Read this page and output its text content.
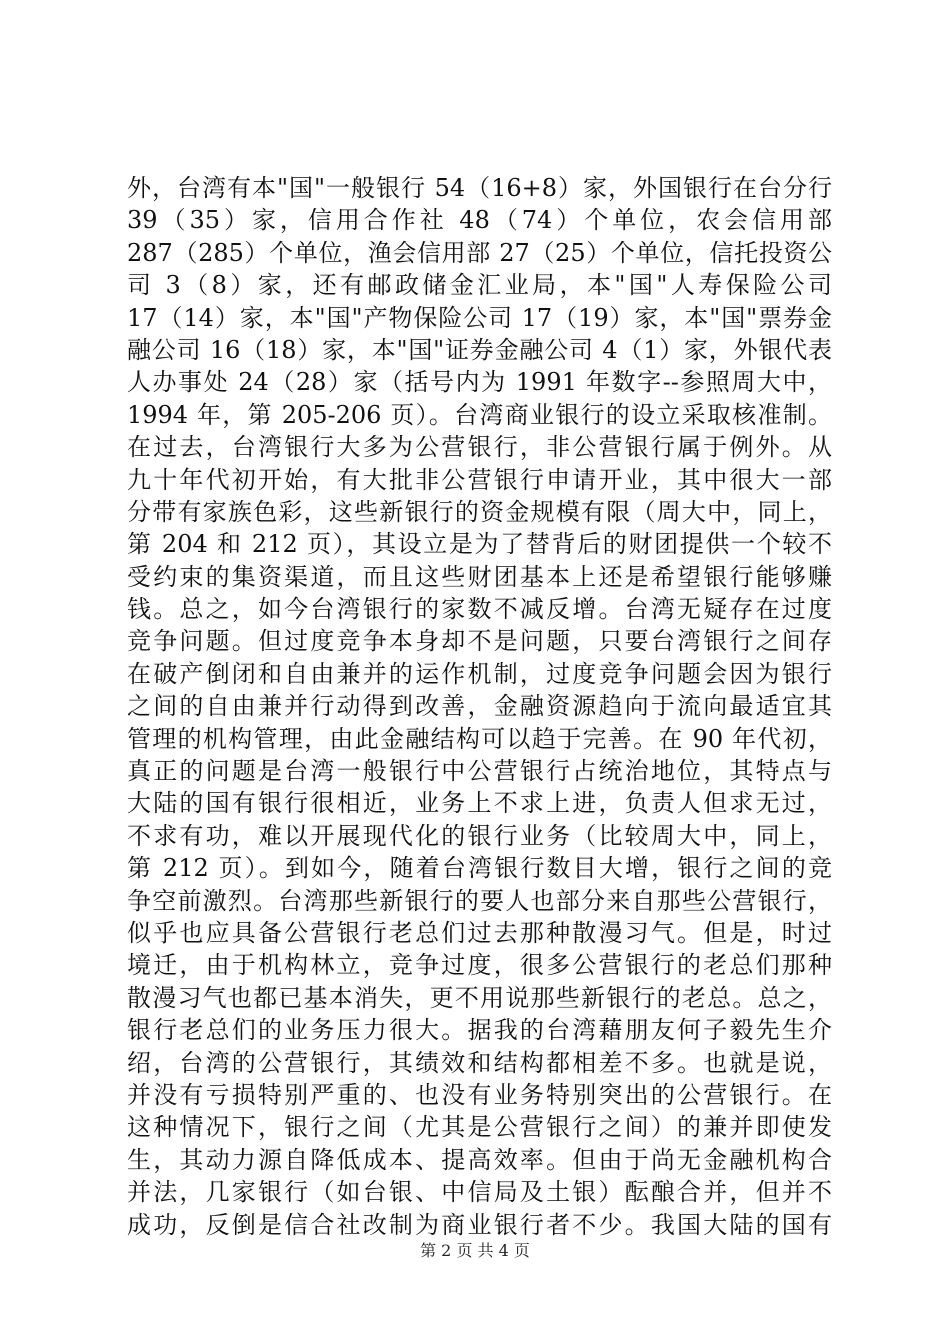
外，台湾有本"国"一般银行 54（16+8）家，外国银行在台分行
39（35）家，信用合作社 48（74）个单位，农会信用部
287（285）个单位，渔会信用部 27（25）个单位，信托投资公
司 3（8）家，还有邮政储金汇业局，本"国"人寿保险公司
17（14）家，本"国"产物保险公司 17（19）家，本"国"票券金
融公司 16（18）家，本"国"证券金融公司 4（1）家，外银代表
人办事处 24（28）家（括号内为 1991 年数字--参照周大中，
1994 年，第 205-206 页）。台湾商业银行的设立采取核准制。
在过去，台湾银行大多为公营银行，非公营银行属于例外。从
九十年代初开始，有大批非公营银行申请开业，其中很大一部
分带有家族色彩，这些新银行的资金规模有限（周大中，同上，
第 204 和 212 页），其设立是为了替背后的财团提供一个较不
受约束的集资渠道，而且这些财团基本上还是希望银行能够赚
钱。总之，如今台湾银行的家数不减反增。台湾无疑存在过度
竞争问题。但过度竞争本身却不是问题，只要台湾银行之间存
在破产倒闭和自由兼并的运作机制，过度竞争问题会因为银行
之间的自由兼并行动得到改善，金融资源趋向于流向最适宜其
管理的机构管理，由此金融结构可以趋于完善。在 90 年代初，
真正的问题是台湾一般银行中公营银行占统治地位，其特点与
大陆的国有银行很相近，业务上不求上进，负责人但求无过，
不求有功，难以开展现代化的银行业务（比较周大中，同上，
第 212 页）。到如今，随着台湾银行数目大增，银行之间的竞
争空前激烈。台湾那些新银行的要人也部分来自那些公营银行，
似乎也应具备公营银行老总们过去那种散漫习气。但是，时过
境迁，由于机构林立，竞争过度，很多公营银行的老总们那种
散漫习气也都已基本消失，更不用说那些新银行的老总。总之，
银行老总们的业务压力很大。据我的台湾藉朋友何子毅先生介
绍，台湾的公营银行，其绩效和结构都相差不多。也就是说，
并没有亏损特别严重的、也没有业务特别突出的公营银行。在
这种情况下，银行之间（尤其是公营银行之间）的兼并即使发
生，其动力源自降低成本、提高效率。但由于尚无金融机构合
并法，几家银行（如台银、中信局及土银）酝酿合并，但并不
成功，反倒是信合社改制为商业银行者不少。我国大陆的国有
第 2 页 共 4 页
